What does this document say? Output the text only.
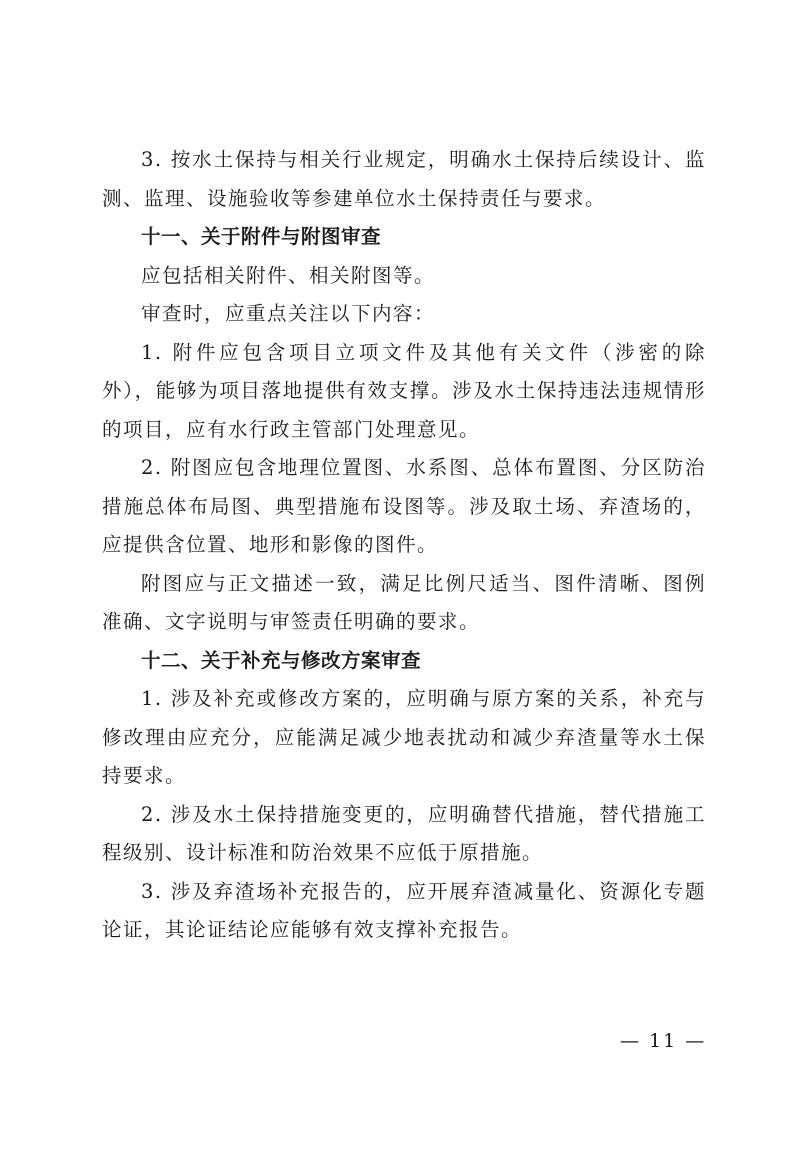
3. 按水土保持与相关行业规定，明确水土保持后续设计、监测、监理、设施验收等参建单位水土保持责任与要求。

十一、关于附件与附图审查

应包括相关附件、相关附图等。

审查时，应重点关注以下内容：

1. 附件应包含项目立项文件及其他有关文件（涉密的除外），能够为项目落地提供有效支撑。涉及水土保持违法违规情形的项目，应有水行政主管部门处理意见。

2. 附图应包含地理位置图、水系图、总体布置图、分区防治措施总体布局图、典型措施布设图等。涉及取土场、弃渣场的，应提供含位置、地形和影像的图件。

附图应与正文描述一致，满足比例尺适当、图件清晰、图例准确、文字说明与审签责任明确的要求。

十二、关于补充与修改方案审查

1. 涉及补充或修改方案的，应明确与原方案的关系，补充与修改理由应充分，应能满足减少地表扰动和减少弃渣量等水土保持要求。

2. 涉及水土保持措施变更的，应明确替代措施，替代措施工程级别、设计标准和防治效果不应低于原措施。

3. 涉及弃渣场补充报告的，应开展弃渣减量化、资源化专题论证，其论证结论应能够有效支撑补充报告。

— 11 —
